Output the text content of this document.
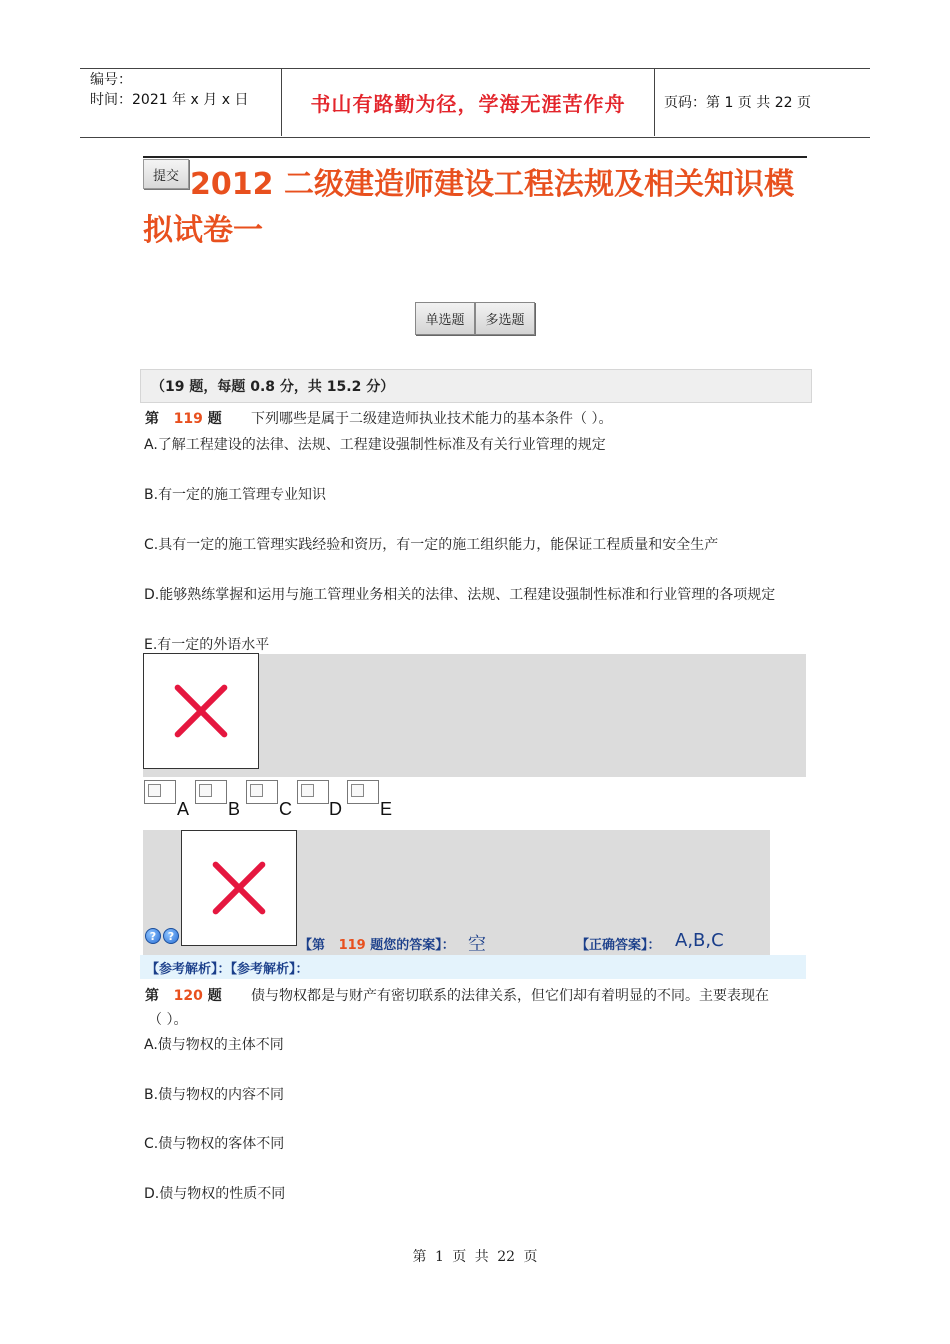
编号：
时间：2021 年 x 月 x 日	书山有路勤为径，学海无涯苦作舟	页码：第 1 页 共 22 页
2012 二级建造师建设工程法规及相关知识模拟试卷一
提交
单选题	多选题
（19 题，每题 0.8 分，共 15.2 分）
第 119 题 下列哪些是属于二级建造师执业技术能力的基本条件（ ）。
A.了解工程建设的法律、法规、工程建设强制性标准及有关行业管理的规定
B.有一定的施工管理专业知识
C.具有一定的施工管理实践经验和资历，有一定的施工组织能力，能保证工程质量和安全生产
D.能够熟练掌握和运用与施工管理业务相关的法律、法规、工程建设强制性标准和行业管理的各项规定
E.有一定的外语水平
A B C D E
?	?
【第 119 题您的答案】： 空	【正确答案】： A,B,C
【参考解析】：【参考解析】：
第 120 题 债与物权都是与财产有密切联系的法律关系，但它们却有着明显的不同。主要表现在
（ ）。
A.债与物权的主体不同
B.债与物权的内容不同
C.债与物权的客体不同
D.债与物权的性质不同
第 1 页 共 22 页
